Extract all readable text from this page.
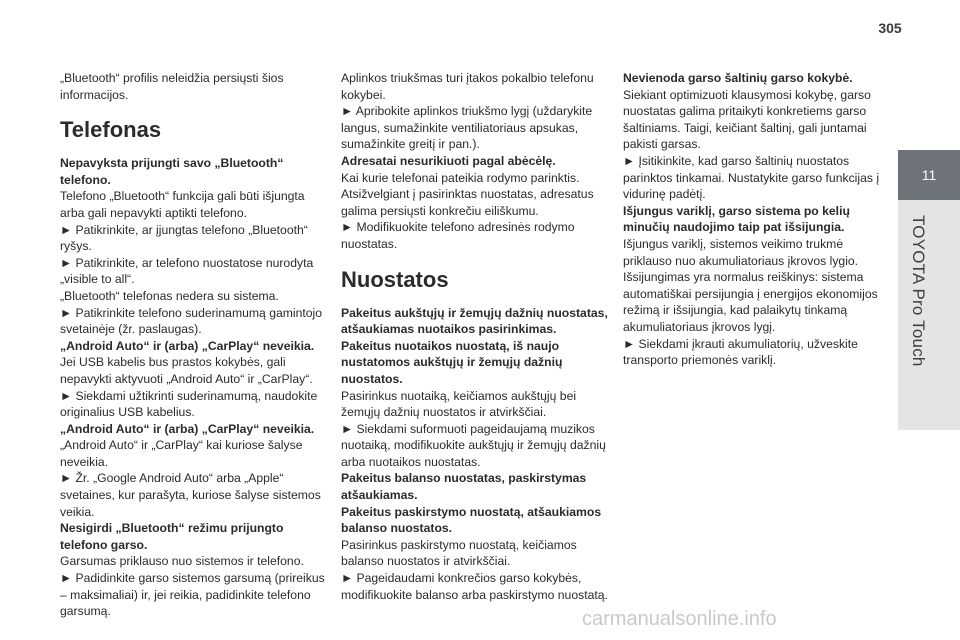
305
11
TOYOTA Pro Touch

„Bluetooth“ profilis neleidžia persiųsti šios informacijos.

Telefonas

Nepavyksta prijungti savo „Bluetooth“ telefono.

Telefono „Bluetooth“ funkcija gali būti išjungta arba gali nepavykti aptikti telefono.

► Patikrinkite, ar įjungtas telefono „Bluetooth“ ryšys.

► Patikrinkite, ar telefono nuostatose nurodyta „visible to all“.

„Bluetooth“ telefonas nedera su sistema.

► Patikrinkite telefono suderinamumą gamintojo svetainėje (žr. paslaugas).

„Android Auto“ ir (arba) „CarPlay“ neveikia.

Jei USB kabelis bus prastos kokybės, gali nepavykti aktyvuoti „Android Auto“ ir „CarPlay“.

► Siekdami užtikrinti suderinamumą, naudokite originalius USB kabelius.

„Android Auto“ ir (arba) „CarPlay“ neveikia.

„Android Auto“ ir „CarPlay“ kai kuriose šalyse neveikia.

► Žr. „Google Android Auto“ arba „Apple“ svetaines, kur parašyta, kuriose šalyse sistemos veikia.

Nesigirdi „Bluetooth“ režimu prijungto telefono garso.

Garsumas priklauso nuo sistemos ir telefono.

► Padidinkite garso sistemos garsumą (prireikus – maksimaliai) ir, jei reikia, padidinkite telefono garsumą.

Aplinkos triukšmas turi įtakos pokalbio telefonu kokybei.

► Apribokite aplinkos triukšmo lygį (uždarykite langus, sumažinkite ventiliatoriaus apsukas, sumažinkite greitį ir pan.).

Adresatai nesurikiuoti pagal abėcėlę.

Kai kurie telefonai pateikia rodymo parinktis. Atsižvelgiant į pasirinktas nuostatas, adresatus galima persiųsti konkrečiu eiliškumu.

► Modifikuokite telefono adresinės rodymo nuostatas.

Nuostatos

Pakeitus aukštųjų ir žemųjų dažnių nuostatas, atšaukiamas nuotaikos pasirinkimas.

Pakeitus nuotaikos nuostatą, iš naujo nustatomos aukštųjų ir žemųjų dažnių nuostatos.

Pasirinkus nuotaiką, keičiamos aukštųjų bei žemųjų dažnių nuostatos ir atvirkščiai.

► Siekdami suformuoti pageidaujamą muzikos nuotaiką, modifikuokite aukštųjų ir žemųjų dažnių arba nuotaikos nuostatas.

Pakeitus balanso nuostatas, paskirstymas atšaukiamas.

Pakeitus paskirstymo nuostatą, atšaukiamos balanso nuostatos.

Pasirinkus paskirstymo nuostatą, keičiamos balanso nuostatos ir atvirkščiai.

► Pageidaudami konkrečios garso kokybės, modifikuokite balanso arba paskirstymo nuostatą.

Nevienoda garso šaltinių garso kokybė.

Siekiant optimizuoti klausymosi kokybę, garso nuostatas galima pritaikyti konkretiems garso šaltiniams. Taigi, keičiant šaltinį, gali juntamai pakisti garsas.

► Įsitikinkite, kad garso šaltinių nuostatos parinktos tinkamai. Nustatykite garso funkcijas į vidurinę padėtį.

Išjungus variklį, garso sistema po kelių minučių naudojimo taip pat išsijungia.

Išjungus variklį, sistemos veikimo trukmė priklauso nuo akumuliatoriaus įkrovos lygio.

Išsijungimas yra normalus reiškinys: sistema automatiškai persijungia į energijos ekonomijos režimą ir išsijungia, kad palaikytų tinkamą akumuliatoriaus įkrovos lygį.

► Siekdami įkrauti akumuliatorių, užveskite transporto priemonės variklį.

carmanualsonline.info
